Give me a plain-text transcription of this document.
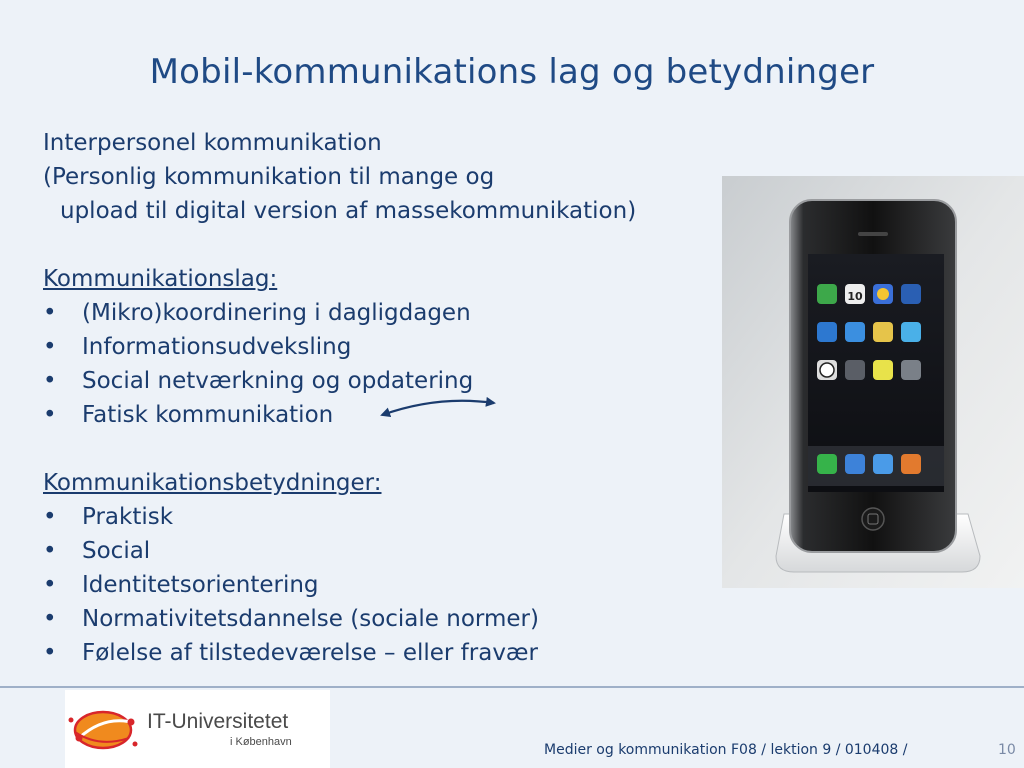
Mobil-kommunikations lag og betydninger
Interpersonel kommunikation
(Personlig kommunikation til mange og
upload til digital version af massekommunikation)
Kommunikationslag:
• (Mikro)koordinering i dagligdagen
• Informationsudveksling
• Social netværkning og opdatering
• Fatisk kommunikation
Kommunikationsbetydninger:
• Praktisk
• Social
• Identitetsorientering
• Normativitetsdannelse (sociale normer)
• Følelse af tilstedeværelse – eller fravær
10
IT-Universitetet
i København	Medier og kommunikation F08 / lektion 9 / 010408 /	10
